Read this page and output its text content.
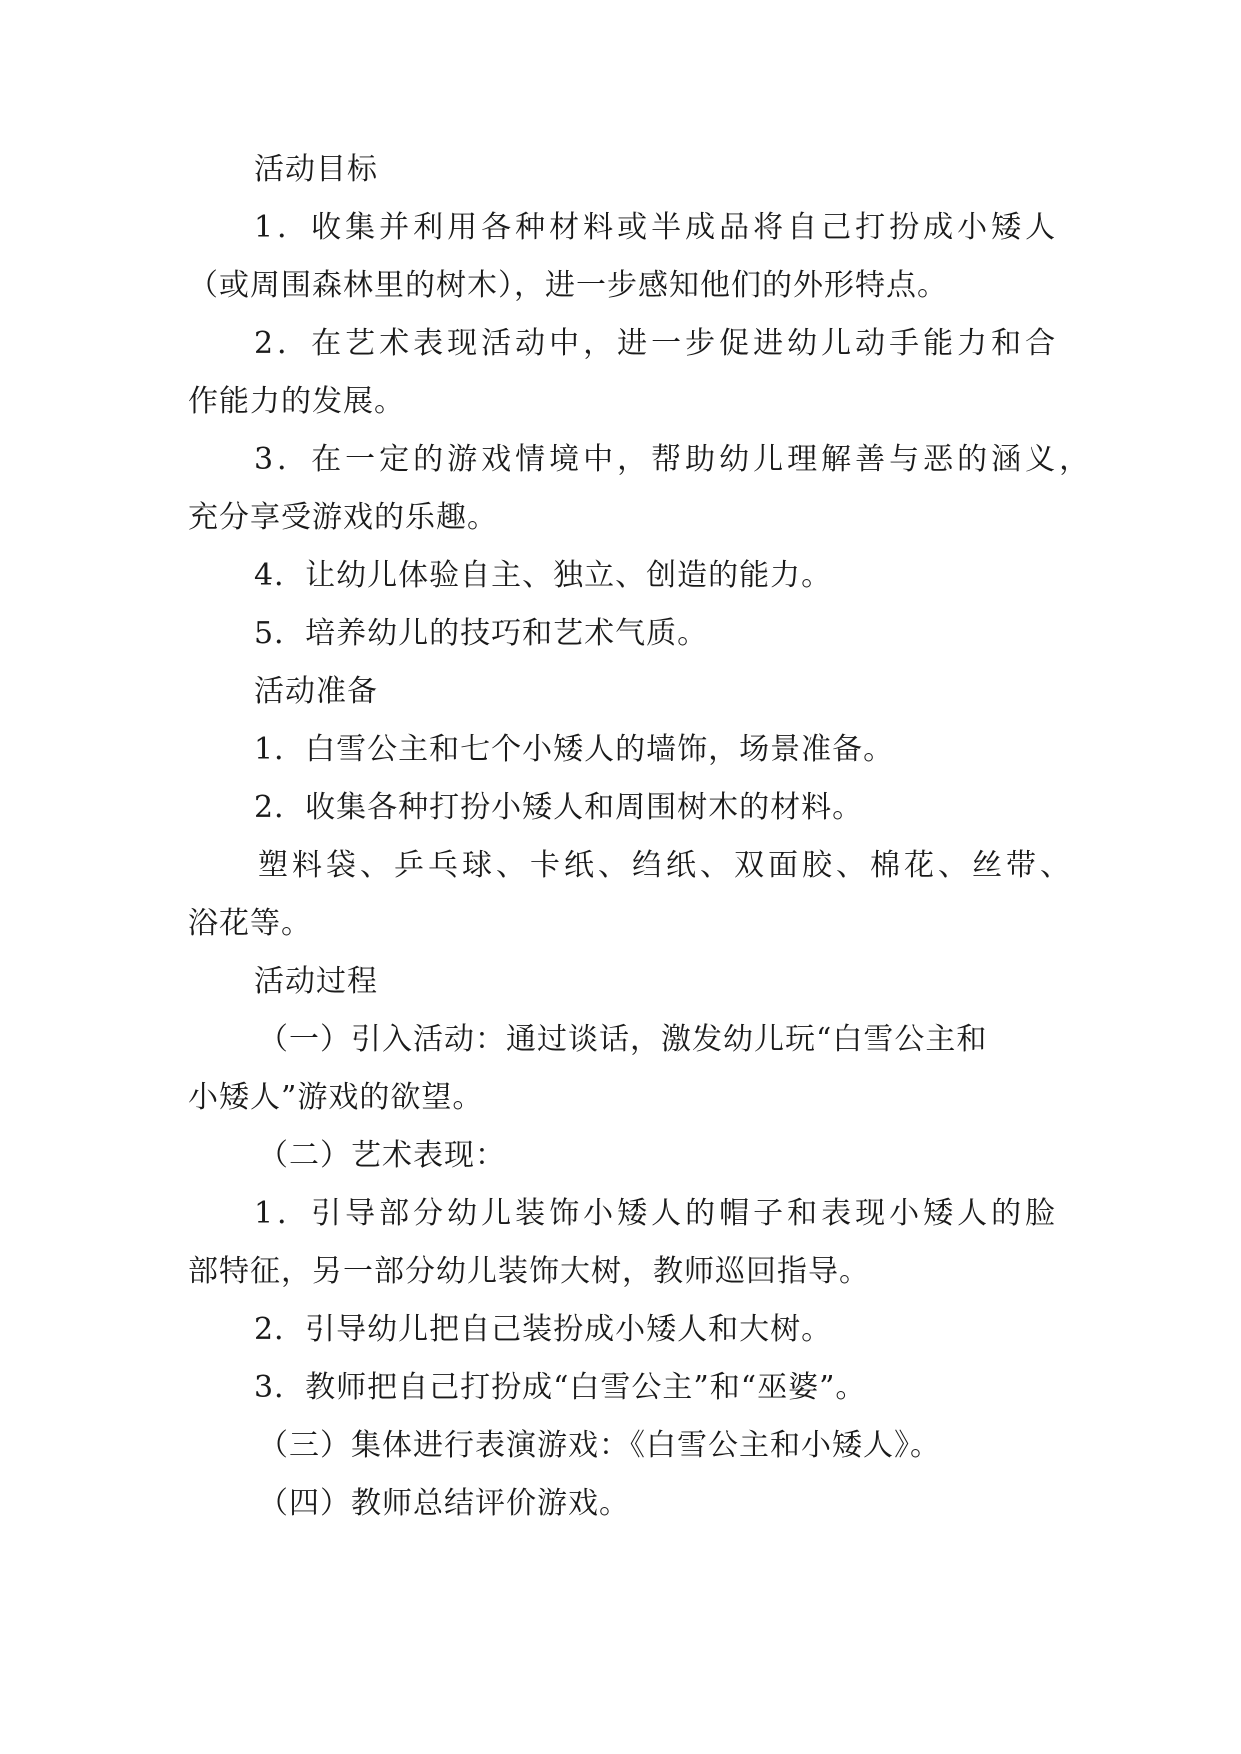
活动目标
1．收集并利用各种材料或半成品将自己打扮成小矮人
（或周围森林里的树木），进一步感知他们的外形特点。
2．在艺术表现活动中，进一步促进幼儿动手能力和合
作能力的发展。
3．在一定的游戏情境中，帮助幼儿理解善与恶的涵义，
充分享受游戏的乐趣。
4．让幼儿体验自主、独立、创造的能力。
5．培养幼儿的技巧和艺术气质。
活动准备
1．白雪公主和七个小矮人的墙饰，场景准备。
2．收集各种打扮小矮人和周围树木的材料。
塑料袋、乒乓球、卡纸、绉纸、双面胶、棉花、丝带、
浴花等。
活动过程
（一）引入活动：通过谈话，激发幼儿玩“白雪公主和
小矮人”游戏的欲望。
（二）艺术表现：
1．引导部分幼儿装饰小矮人的帽子和表现小矮人的脸
部特征，另一部分幼儿装饰大树，教师巡回指导。
2．引导幼儿把自己装扮成小矮人和大树。
3．教师把自己打扮成“白雪公主”和“巫婆”。
（三）集体进行表演游戏：《白雪公主和小矮人》。
（四）教师总结评价游戏。
